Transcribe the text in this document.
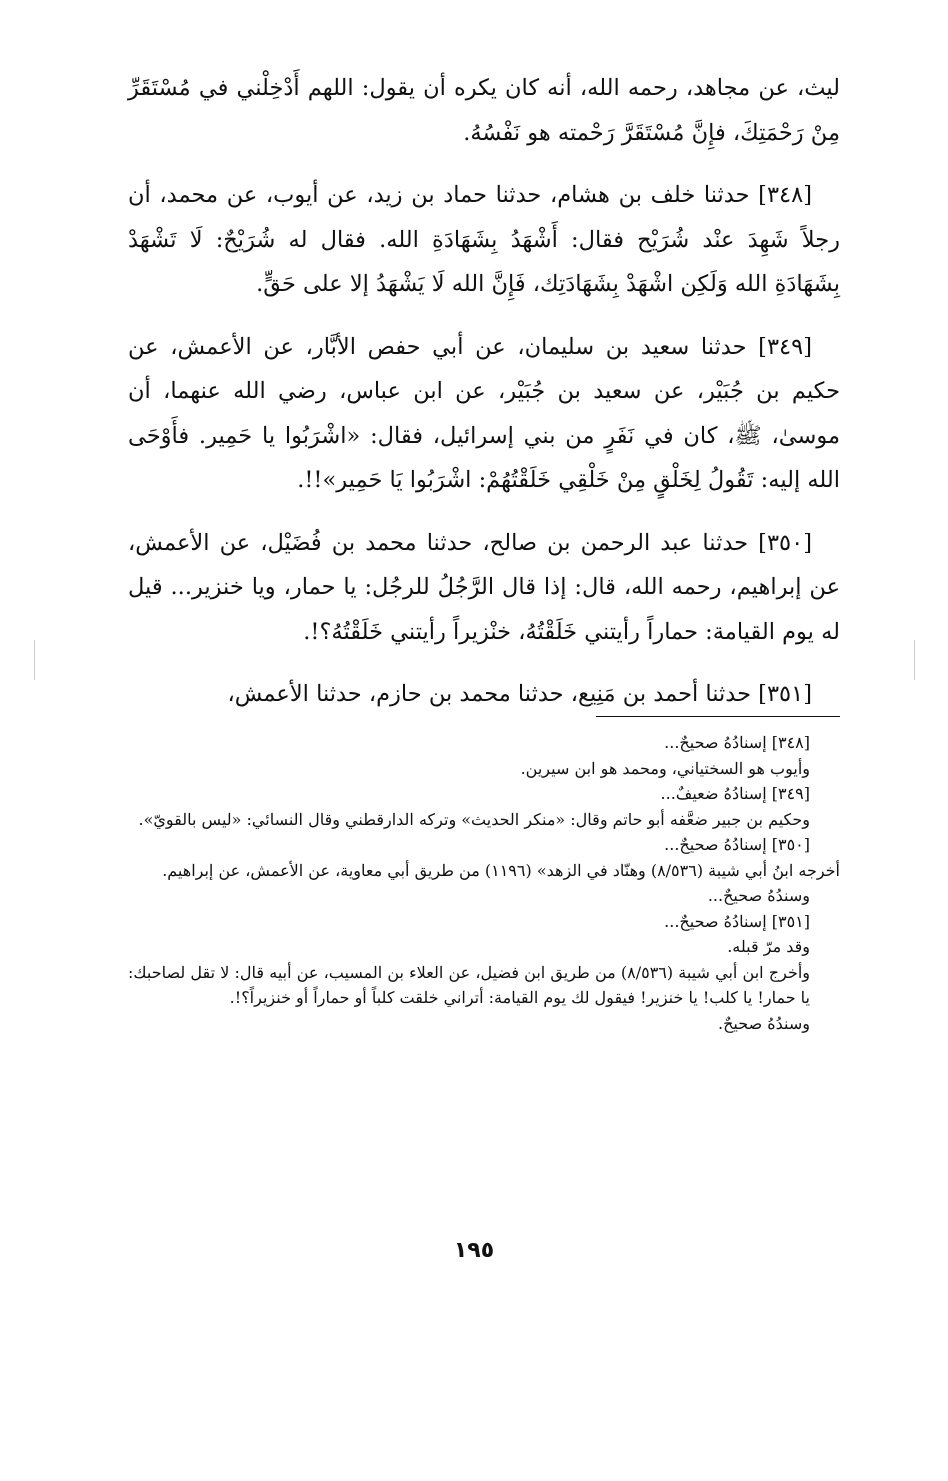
ليث، عن مجاهد، رحمه الله، أنه كان يكره أن يقول: اللهم أَدْخِلْني في مُسْتَقَرِّ مِنْ رَحْمَتِكَ، فإِنَّ مُسْتَقَرَّ رَحْمته هو نَفْسُهُ.

[٣٤٨] حدثنا خلف بن هشام، حدثنا حماد بن زيد، عن أيوب، عن محمد، أن رجلاً شَهِدَ عنْد شُرَيْح فقال: أَشْهَدُ بِشَهَادَةِ الله. فقال له شُرَيْحٌ: لَا تَشْهَدْ بِشَهَادَةِ الله وَلَكِن اشْهَدْ بِشَهَادَتِك، فَإِنَّ الله لَا يَشْهَدُ إلا على حَقٍّ.

[٣٤٩] حدثنا سعيد بن سليمان، عن أبي حفص الأبَّار، عن الأعمش، عن حكيم بن جُبَيْر، عن سعيد بن جُبَيْر، عن ابن عباس، رضي الله عنهما، أن موسىٰ، ﷺ، كان في نَفَرٍ من بني إسرائيل، فقال: «اشْرَبُوا يا حَمِير. فأَوْحَى الله إليه: تَقُولُ لِخَلْقٍ مِنْ خَلْقِي خَلَقْتُهُمْ: اشْرَبُوا يَا حَمِير»!!.

[٣٥٠] حدثنا عبد الرحمن بن صالح، حدثنا محمد بن فُضَيْل، عن الأعمش، عن إبراهيم، رحمه الله، قال: إذا قال الرَّجُلُ للرجُل: يا حمار، ويا خنزير... قيل له يوم القيامة: حماراً رأيتني خَلَقْتُهُ، خنْزيراً رأيتني خَلَقْتُهُ؟!.

[٣٥١] حدثنا أحمد بن مَنِيع، حدثنا محمد بن حازم، حدثنا الأعمش،

[٣٤٨] إسنادُهُ صحيحٌ...

وأيوب هو السختياني، ومحمد هو ابن سيرين.

[٣٤٩] إسنادُهُ ضعيفٌ...

وحكيم بن جبير ضعَّفه أبو حاتم وقال: «منكر الحديث» وتركه الدارقطني وقال النسائي: «ليس بالقويّ».

[٣٥٠] إسنادُهُ صحيحٌ...

أخرجه ابنُ أبي شيبة (٨/٥٣٦) وهنّاد في الزهد» (١١٩٦) من طريق أبي معاوية، عن الأعمش، عن إبراهيم.

وسندُهُ صحيحٌ...

[٣٥١] إسنادُهُ صحيحٌ...

وقد مرّ قبله.

وأخرج ابن أبي شيبة (٨/٥٣٦) من طريق ابن فضيل، عن العلاء بن المسيب، عن أبيه قال: لا تقل لصاحبك: يا حمار! يا كلب! يا خنزير! فيقول لك يوم القيامة: أتراني خلقت كلباً أو حماراً أو خنزيراً؟!.

وسندُهُ صحيحٌ.

١٩٥
